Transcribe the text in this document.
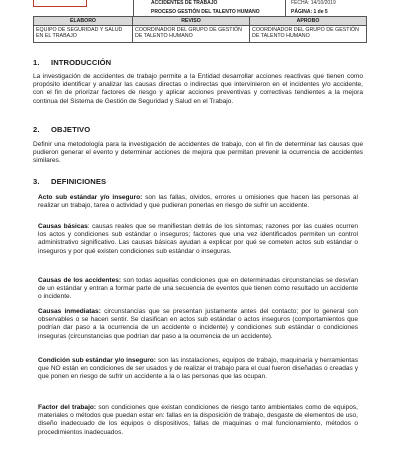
ACCIDENTES DE TRABAJO
PROCESO GESTIÓN DEL TALENTO HUMANO
FECHA: 14/10/2019
PÁGINA: 1 de 5
ELABORO	REVISO	APROBO
EQUIPO DE SEGURIDAD Y SALUD EN EL TRABAJO
COORDINADOR DEL GRUPO DE GESTIÓN DE TALENTO HUMANO
COORDINADOR DEL GRUPO DE GESTIÓN DE TALENTO HUMANO
1. INTRODUCCIÓN
La investigación de accidentes de trabajo permite a la Entidad desarrollar acciones reactivas que tienen como propósito identificar y analizar las causas directas o indirectas que intervinieron en el incidentes y/o accidente, con el fin de priorizar factores de riesgo y aplicar acciones preventivas y correctivas tendientes a la mejora continua del Sistema de Gestión de Seguridad y Salud en el Trabajo.
2. OBJETIVO
Definir una metodología para la investigación de accidentes de trabajo, con el fin de determinar las causas que pudieron generar el evento y determinar acciones de mejora que permitan prevenir la ocurrencia de accidentes similares.
3. DEFINICIONES
Acto sub estándar y/o inseguro: son las fallas, olvidos, errores u omisiones que hacen las personas al realizar un trabajo, tarea o actividad y que pudieran ponerlas en riesgo de sufrir un accidente.
Causas básicas: causas reales que se manifiestan detrás de los síntomas; razones por las cuales ocurren los actos y condiciones sub estándar o inseguros; factores que una vez identificados permiten un control administrativo significativo. Las causas básicas ayudan a explicar por qué se cometen actos sub estándar o inseguros y por qué existen condiciones sub estándar o inseguras.
Causas de los accidentes: son todas aquellas condiciones que en determinadas circunstancias se desvían de un estándar y entran a formar parte de una secuencia de eventos que tienen como resultado un accidente o incidente.
Causas inmediatas: circunstancias que se presentan justamente antes del contacto; por lo general son observables o se hacen sentir. Se clasifican en actos sub estándar o actos inseguros (comportamientos que podrían dar paso a la ocurrencia de un accidente o incidente) y condiciones sub estándar o condiciones inseguras (circunstancias que podrían dar paso a la ocurrencia de un accidente).
Condición sub estándar y/o inseguro: son las instalaciones, equipos de trabajo, maquinaria y herramientas que NO están en condiciones de ser usados y de realizar el trabajo para el cual fueron diseñadas o creadas y que ponen en riesgo de sufrir un accidente a la o las personas que las ocupan.
Factor del trabajo: son condiciones que existan condiciones de riesgo tanto ambientales como de equipos, materiales o métodos que puedan estar en: fallas en la disposición de trabajo, desgaste de elementos de uso, diseño inadecuado de los equipos o dispositivos, fallas de maquinas o mal funcionamiento, métodos o procedimientos inadecuados.
